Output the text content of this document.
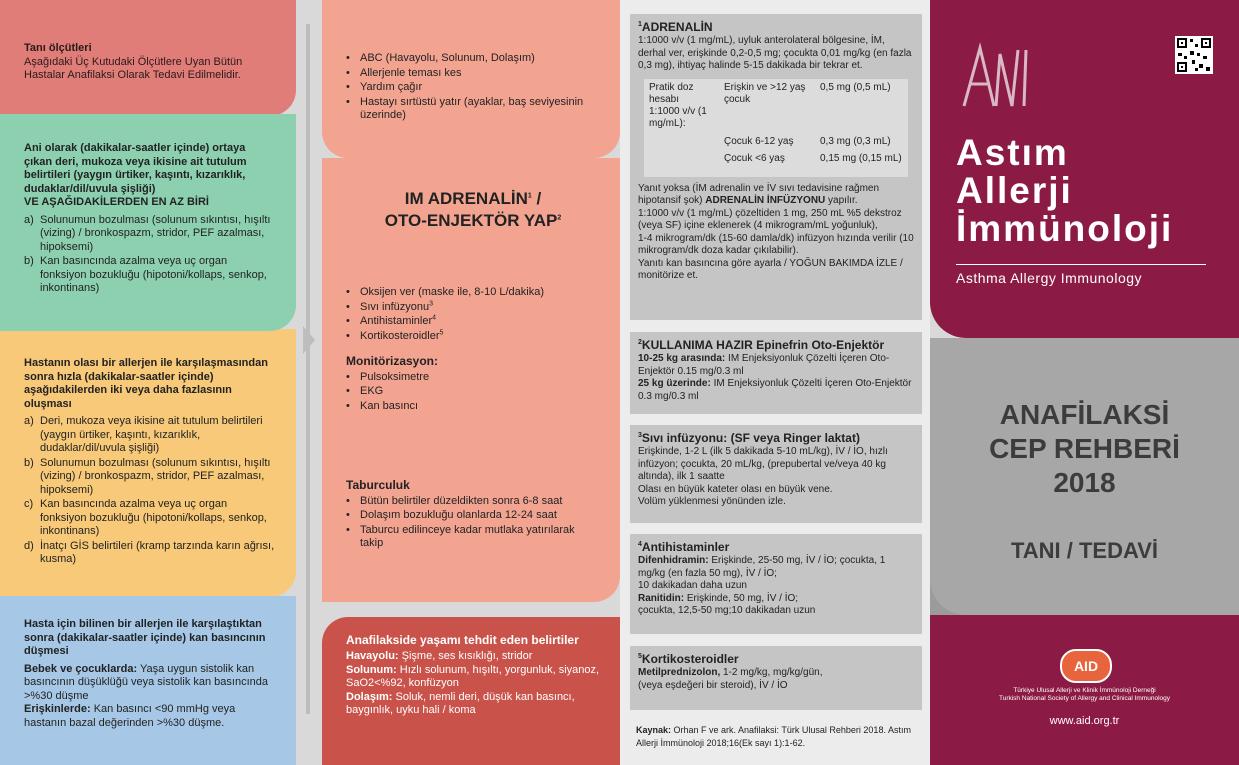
Tanı ölçütleri
Aşağıdaki Üç Kutudaki Ölçütlere Uyan Bütün Hastalar Anafilaksi Olarak Tedavi Edilmelidir.
Hastanın olası bir allerjen ile karşılaşmasından sonra hızla (dakikalar-saatler içinde) aşağıdakilerden iki veya daha fazlasının oluşması
a) Deri, mukoza veya ikisine ait tutulum belirtileri (yaygın ürtiker, kaşıntı, kızarıklık, dudaklar/dil/uvula şişliği)
b) Solunumun bozulması (solunum sıkıntısı, hışıltı (vizing) / bronkospazm, stridor, PEF azalması, hipoksemi)
c) Kan basıncında azalma veya uç organ fonksiyon bozukluğu (hipotoni/kollaps, senkop, inkontinans)
d) İnatçı GİS belirtileri (kramp tarzında karın ağrısı, kusma)
Ani olarak (dakikalar-saatler içinde) ortaya çıkan deri, mukoza veya ikisine ait tutulum belirtileri (yaygın ürtiker, kaşıntı, kızarıklık, dudaklar/dil/uvula şişliği)
VE AŞAĞIDAKİLERDEN EN AZ BİRİ
a) Solunumun bozulması (solunum sıkıntısı, hışıltı (vizing) / bronkospazm, stridor, PEF azalması, hipoksemi)
b) Kan basıncında azalma veya uç organ fonksiyon bozukluğu (hipotoni/kollaps, senkop, inkontinans)
Hasta için bilinen bir allerjen ile karşılaştıktan sonra (dakikalar-saatler içinde) kan basıncının düşmesi
Bebek ve çocuklarda: Yaşa uygun sistolik kan basıncının düşüklüğü veya sistolik kan basıncında >%30 düşme
Erişkinlerde: Kan basıncı <90 mmHg veya hastanın bazal değerinden >%30 düşme.
IM ADRENALİN$^1$ /
OTO-ENJEKTÖR YAP$^2$
• ABC (Havayolu, Solunum, Dolaşım)
• Allerjenle teması kes
• Yardım çağır
• Hastayı sırtüstü yatır (ayaklar, baş seviyesinin üzerinde)
• Oksijen ver (maske ile, 8-10 L/dakika)
• Sıvı infüzyonu$^3$
• Antihistaminler$^4$
• Kortikosteroidler$^5$
Monitörizasyon:
• Pulsoksimetre
• EKG
• Kan basıncı
Taburculuk
• Bütün belirtiler düzeldikten sonra 6-8 saat
• Dolaşım bozukluğu olanlarda 12-24 saat
• Taburcu edilinceye kadar mutlaka yatırılarak takip
Anafilakside yaşamı tehdit eden belirtiler
Havayolu: Şişme, ses kısıklığı, stridor
Solunum: Hızlı solunum, hışıltı, yorgunluk, siyanoz, SaO2<%92, konfüzyon
Dolaşım: Soluk, nemli deri, düşük kan basıncı, baygınlık, uyku hali / koma
$^1$ADRENALİN
1:1000 v/v (1 mg/mL), uyluk anterolateral bölgesine, İM, derhal ver, erişkinde 0,2-0,5 mg; çocukta 0,01 mg/kg (en fazla 0,3 mg), ihtiyaç halinde 5-15 dakikada bir tekrar et.
Pratik doz hesabı 1:1000 v/v (1 mg/mL):
Erişkin ve >12 yaş çocuk
0,5 mg (0,5 mL)
Çocuk 6-12 yaş	0,3 mg (0,3 mL)
Çocuk <6 yaş	0,15 mg (0,15 mL)
Yanıt yoksa (İM adrenalin ve İV sıvı tedavisine rağmen hipotansif şok) ADRENALİN İNFÜZYONU yapılır.
1:1000 v/v (1 mg/mL) çözeltiden 1 mg, 250 mL %5 dekstroz (veya SF) içine eklenerek (4 mikrogram/mL yoğunluk),
1-4 mikrogram/dk (15-60 damla/dk) infüzyon hızında verilir (10 mikrogram/dk doza kadar çıkılabilir).
Yanıtı kan basıncına göre ayarla / YOĞUN BAKIMDA İZLE / monitörize et.
$^2$KULLANIMA HAZIR Epinefrin Oto-Enjektör
10-25 kg arasında: IM Enjeksiyonluk Çözelti İçeren Oto-Enjektör 0.15 mg/0.3 ml
25 kg üzerinde: IM Enjeksiyonluk Çözelti İçeren Oto-Enjektör 0.3 mg/0.3 ml
$^3$Sıvı infüzyonu: (SF veya Ringer laktat)
Erişkinde, 1-2 L (ilk 5 dakikada 5-10 mL/kg), İV / İO, hızlı infüzyon; çocukta, 20 mL/kg, (prepubertal ve/veya 40 kg altında), ilk 1 saatte
Olası en büyük kateter olası en büyük vene.
Volüm yüklenmesi yönünden izle.
$^4$Antihistaminler
Difenhidramin: Erişkinde, 25-50 mg, İV / İO; çocukta, 1 mg/kg (en fazla 50 mg), İV / İO;
10 dakikadan daha uzun
Ranitidin: Erişkinde, 50 mg, İV / İO;
çocukta, 12,5-50 mg;10 dakikadan uzun
$^5$Kortikosteroidler
Metilprednizolon, 1-2 mg/kg, mg/kg/gün,
(veya eşdeğeri bir steroid), İV / İO
Kaynak: Orhan F ve ark. Anafilaksi: Türk Ulusal Rehberi 2018. Astım Allerji İmmünoloji 2018;16(Ek sayı 1):1-62.
AID
Türkiye Ulusal Allerji ve Klinik İmmünoloji Derneği
Turkish National Society of Allergy and Clinical Immunology
www.aid.org.tr
ANAFİLAKSİ
CEP REHBERİ
2018
TANI / TEDAVİ
Astım
Allerji
İmmünoloji
Asthma Allergy Immunology
